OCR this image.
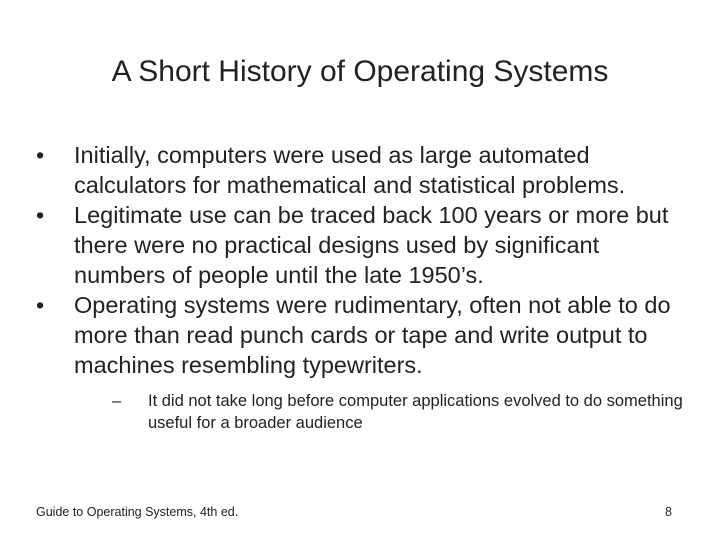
A Short History of Operating Systems
•	Initially, computers were used as large automated calculators for mathematical and statistical problems.
•	Legitimate use can be traced back 100 years or more but there were no practical designs used by significant numbers of people until the late 1950’s.
•	Operating systems were rudimentary, often not able to do more than read punch cards or tape and write output to machines resembling typewriters.
–	It did not take long before computer applications evolved to do something useful for a broader audience
Guide to Operating Systems, 4th ed.	8
